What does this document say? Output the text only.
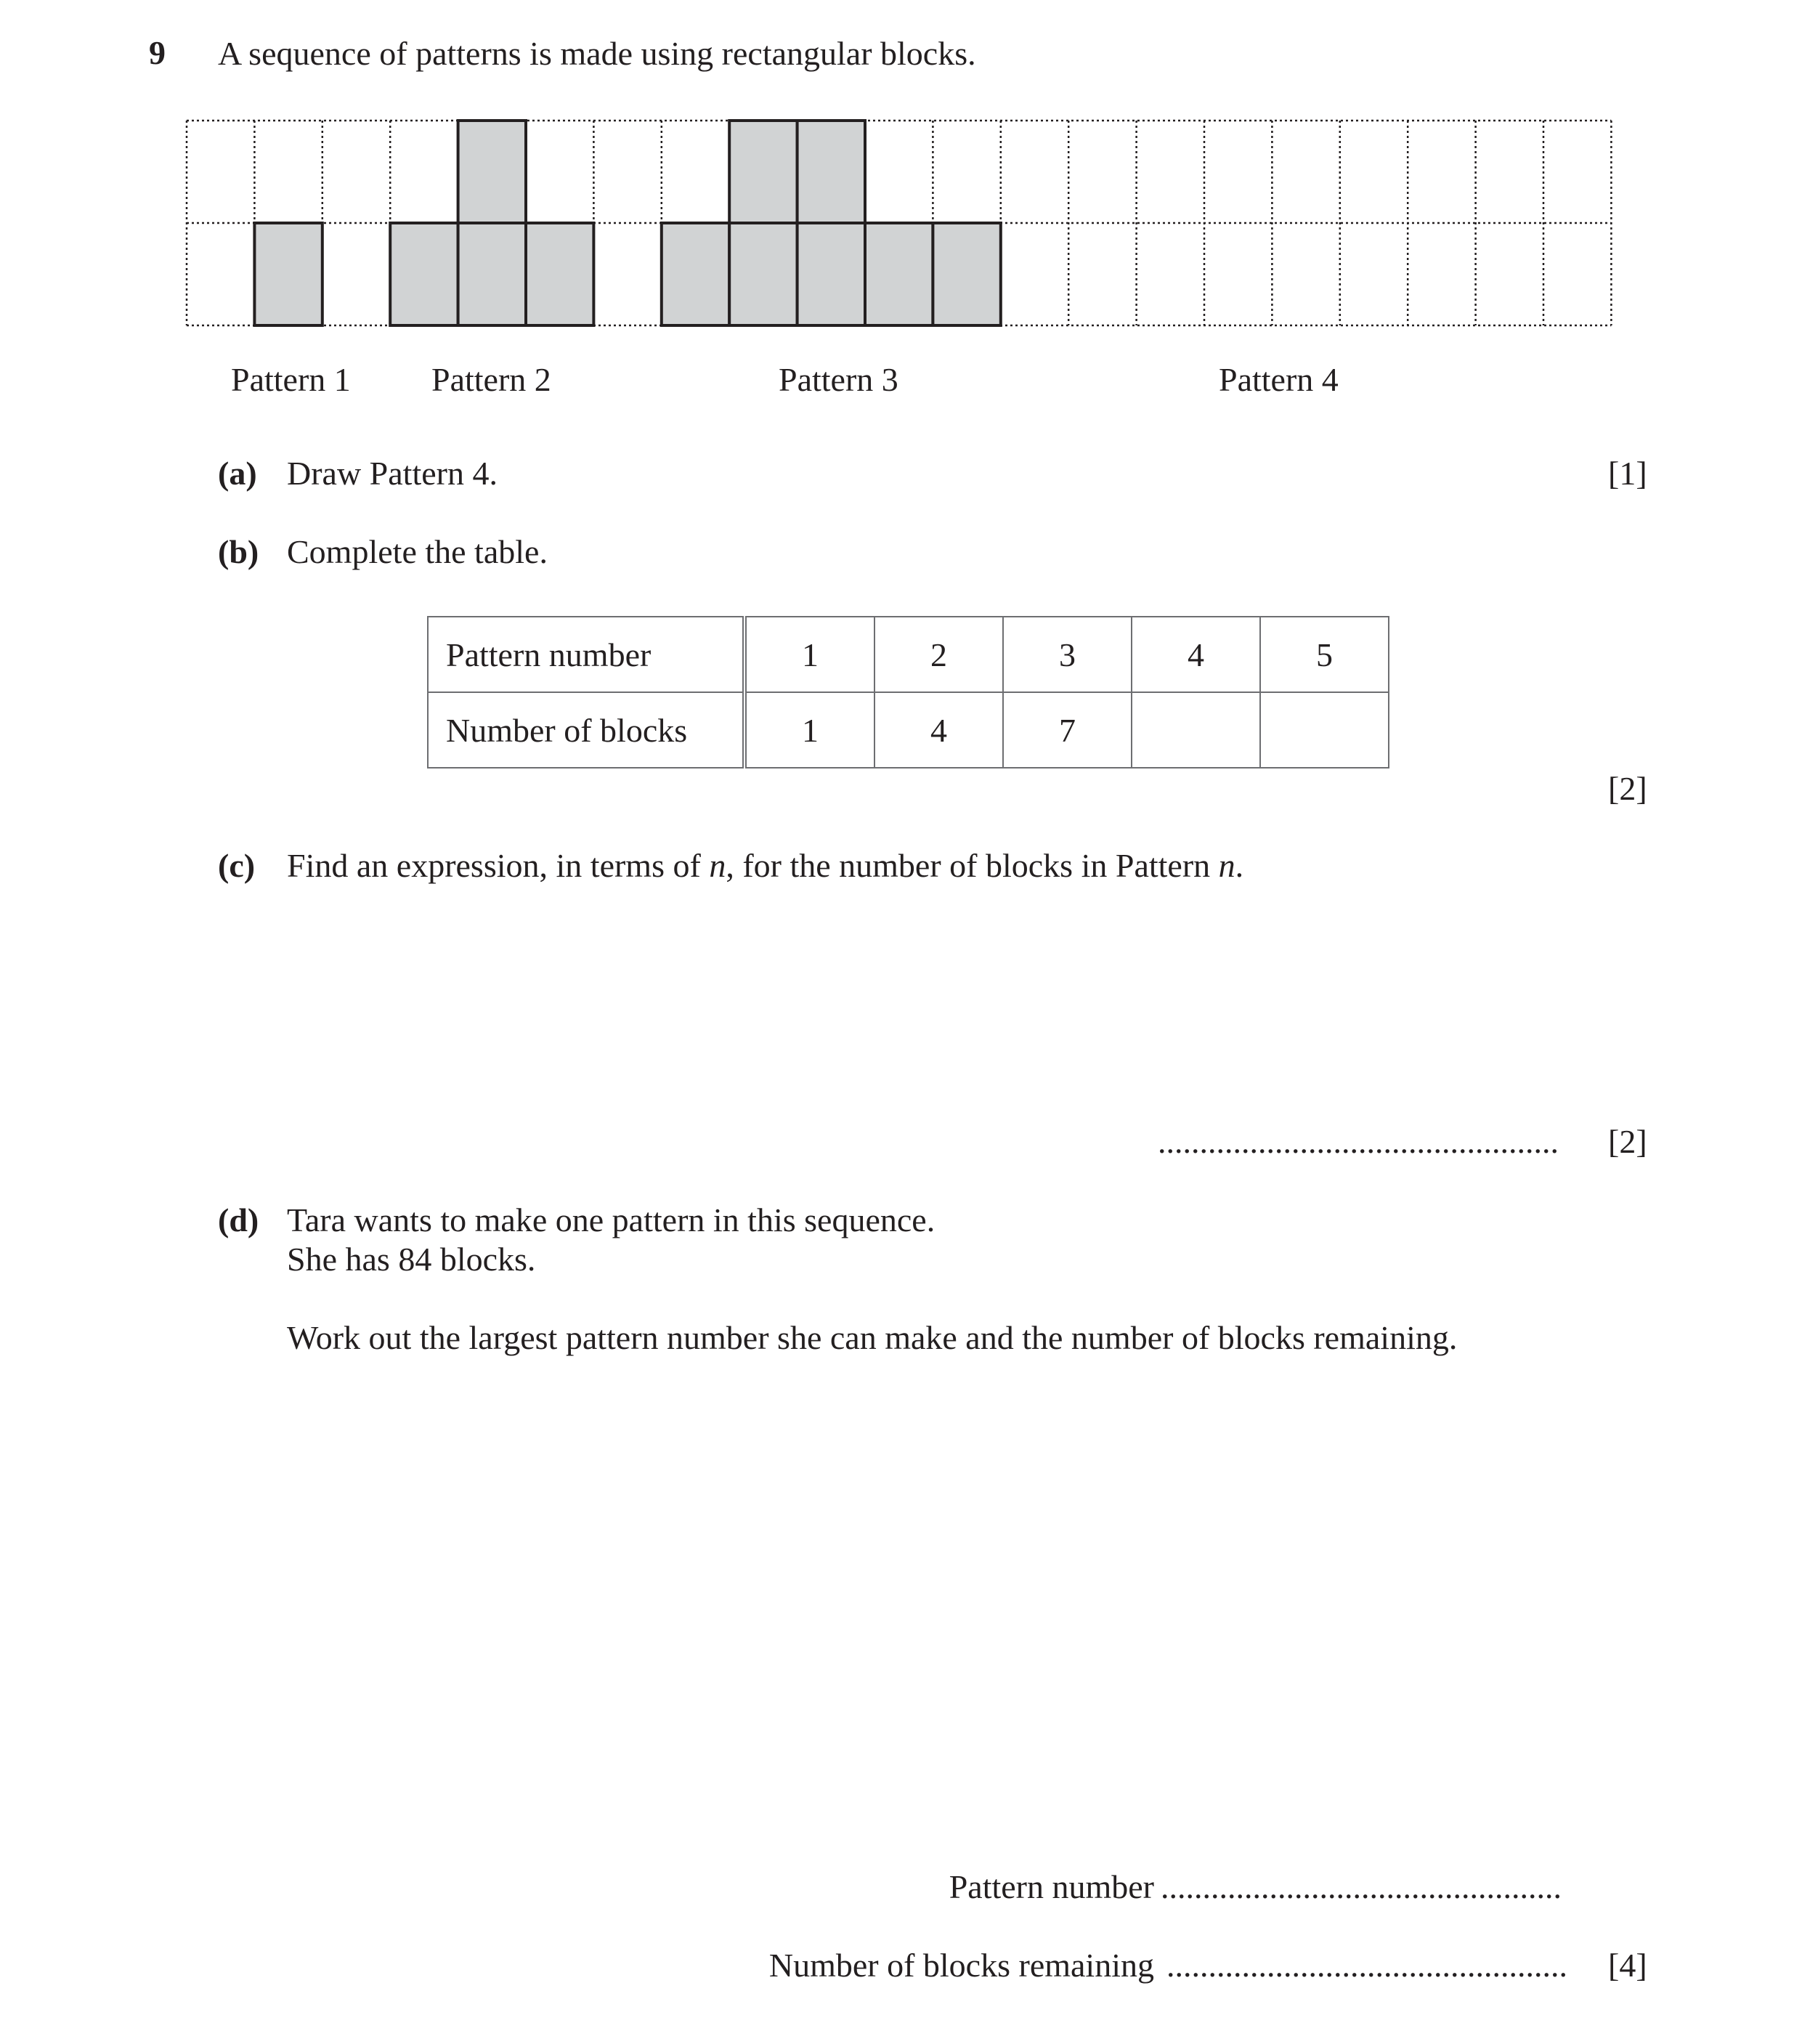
9 A sequence of patterns is made using rectangular blocks.
Pattern 1 Pattern 2	Pattern 3	Pattern 4
(a) Draw Pattern 4.	[1]
(b) Complete the table.
Pattern number	1	2	3	4	5
Number of blocks	1	4	7		
[2]
(c) Find an expression, in terms of n, for the number of blocks in Pattern n.
................................................ [2]
(d) Tara wants to make one pattern in this sequence.
She has 84 blocks.
Work out the largest pattern number she can make and the number of blocks remaining.
Pattern number ................................................
Number of blocks remaining ................................................ [4]
